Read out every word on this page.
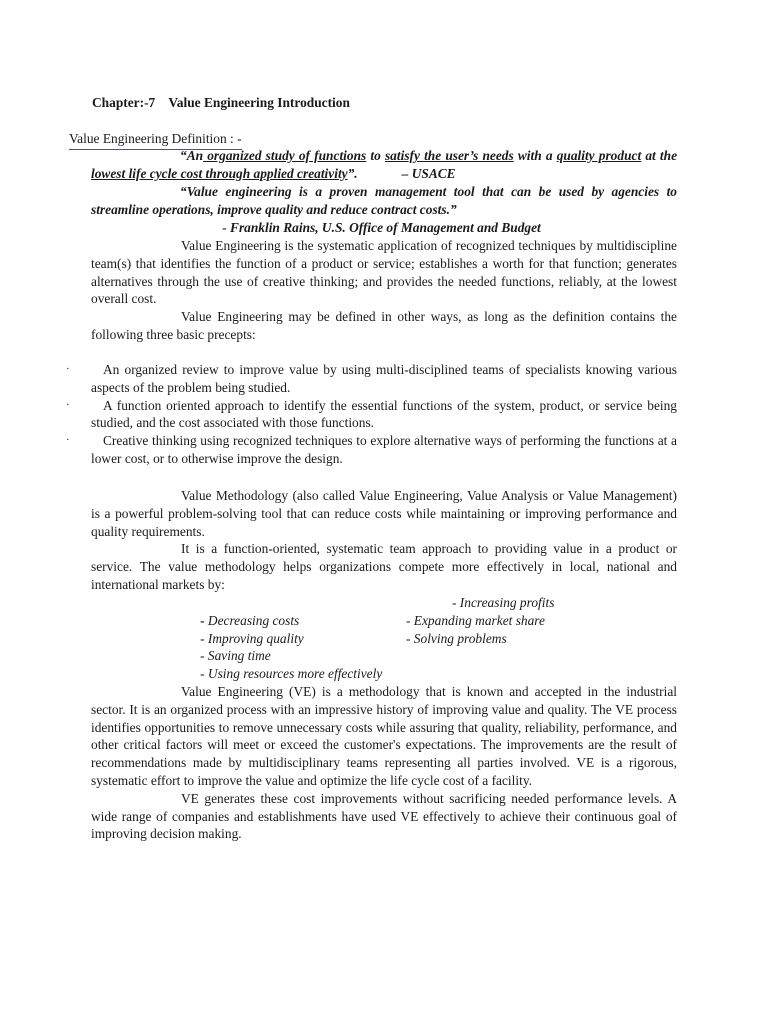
Chapter:-7    Value Engineering Introduction
Value Engineering Definition : -

“An organized study of functions to satisfy the user’s needs with a quality product at the lowest life cycle cost through applied creativity”.	– USACE

“Value engineering is a proven management tool that can be used by agencies to streamline operations, improve quality and reduce contract costs.”

- Franklin Rains, U.S. Office of Management and Budget

Value Engineering is the systematic application of recognized techniques by multidiscipline team(s) that identifies the function of a product or service; establishes a worth for that function; generates alternatives through the use of creative thinking; and provides the needed functions, reliably, at the lowest overall cost.

Value Engineering may be defined in other ways, as long as the definition contains the following three basic precepts:

·	An organized review to improve value by using multi-disciplined teams of specialists knowing various aspects of the problem being studied.
·	A function oriented approach to identify the essential functions of the system, product, or service being studied, and the cost associated with those functions.
·	Creative thinking using recognized techniques to explore alternative ways of performing the functions at a lower cost, or to otherwise improve the design.

Value Methodology (also called Value Engineering, Value Analysis or Value Management) is a powerful problem-solving tool that can reduce costs while maintaining or improving performance and quality requirements.

It is a function-oriented, systematic team approach to providing value in a product or service. The value methodology helps organizations compete more effectively in local, national and international markets by:

- Decreasing costs

- Increasing profits

- Improving quality

- Expanding market share

- Saving time

- Solving problems

- Using resources more effectively

Value Engineering (VE) is a methodology that is known and accepted in the industrial sector. It is an organized process with an impressive history of improving value and quality. The VE process identifies opportunities to remove unnecessary costs while assuring that quality, reliability, performance, and other critical factors will meet or exceed the customer's expectations. The improvements are the result of recommendations made by multidisciplinary teams representing all parties involved. VE is a rigorous, systematic effort to improve the value and optimize the life cycle cost of a facility.

VE generates these cost improvements without sacrificing needed performance levels. A wide range of companies and establishments have used VE effectively to achieve their continuous goal of improving decision making.
